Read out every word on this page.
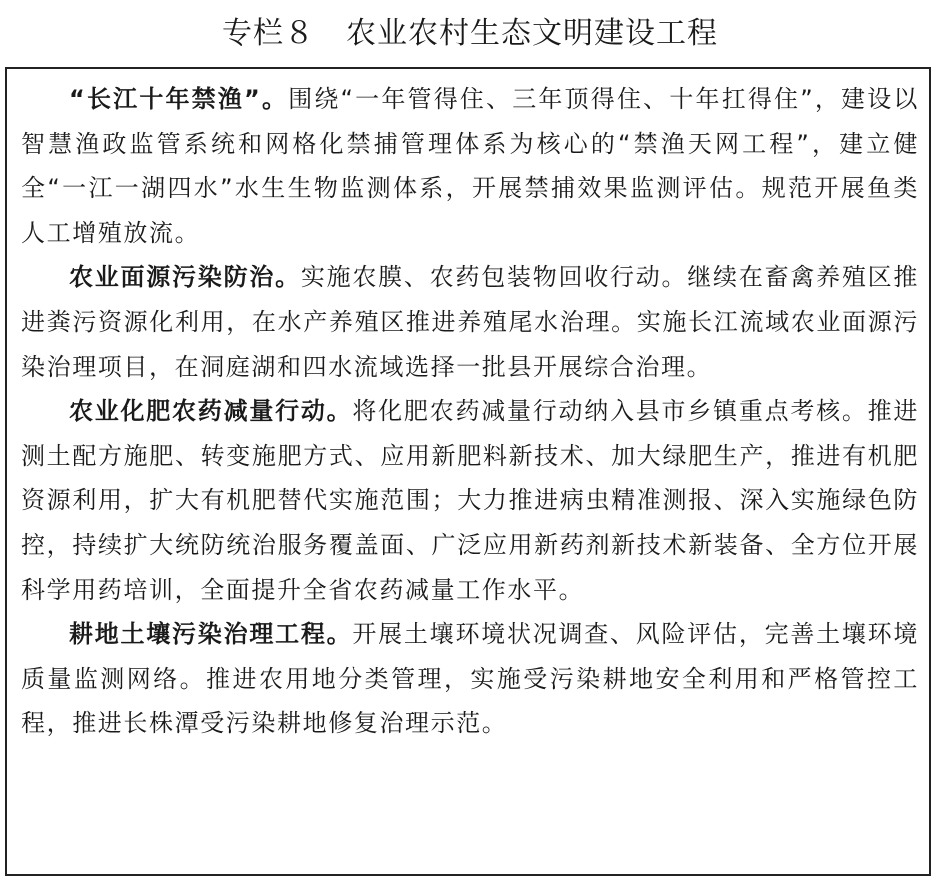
专栏８　农业农村生态文明建设工程

“长江十年禁渔”。围绕“一年管得住、三年顶得住、十年扛得住”，建设以智慧渔政监管系统和网格化禁捕管理体系为核心的“禁渔天网工程”，建立健全“一江一湖四水”水生生物监测体系，开展禁捕效果监测评估。规范开展鱼类人工增殖放流。

农业面源污染防治。实施农膜、农药包装物回收行动。继续在畜禽养殖区推进粪污资源化利用，在水产养殖区推进养殖尾水治理。实施长江流域农业面源污染治理项目，在洞庭湖和四水流域选择一批县开展综合治理。

农业化肥农药减量行动。将化肥农药减量行动纳入县市乡镇重点考核。推进测土配方施肥、转变施肥方式、应用新肥料新技术、加大绿肥生产，推进有机肥资源利用，扩大有机肥替代实施范围；大力推进病虫精准测报、深入实施绿色防控，持续扩大统防统治服务覆盖面、广泛应用新药剂新技术新装备、全方位开展科学用药培训，全面提升全省农药减量工作水平。

耕地土壤污染治理工程。开展土壤环境状况调查、风险评估，完善土壤环境质量监测网络。推进农用地分类管理，实施受污染耕地安全利用和严格管控工程，推进长株潭受污染耕地修复治理示范。
